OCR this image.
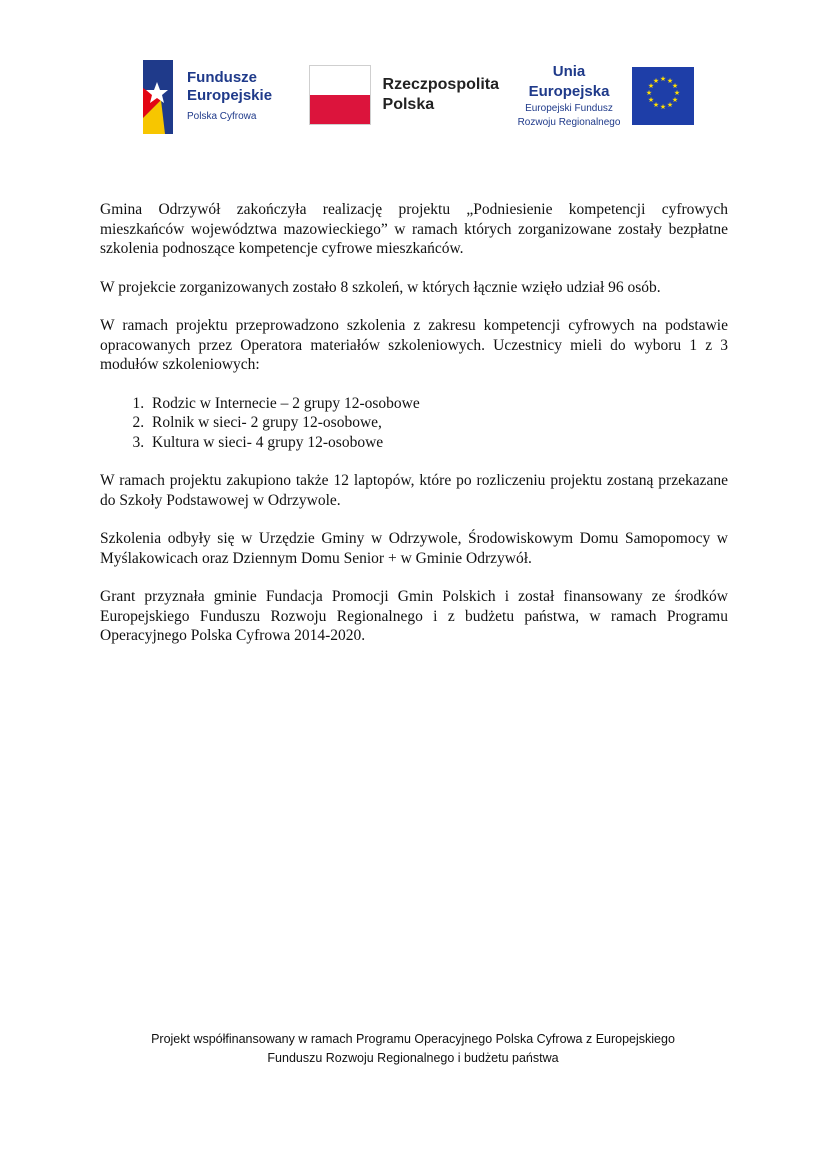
Fundusze
Europejskie
Polska Cyfrowa
Rzeczpospolita
Polska
Unia Europejska
Europejski Fundusz
Rozwoju Regionalnego
★ ★
★
★
★
★
★
★
★
★
★
★

Gmina Odrzywół zakończyła realizację projektu „Podniesienie kompetencji cyfrowych mieszkańców województwa mazowieckiego” w ramach których zorganizowane zostały bezpłatne szkolenia podnoszące kompetencje cyfrowe mieszkańców.

W projekcie zorganizowanych zostało 8 szkoleń, w których łącznie wzięło udział 96 osób.

W ramach projektu przeprowadzono szkolenia z zakresu kompetencji cyfrowych na podstawie opracowanych przez Operatora materiałów szkoleniowych. Uczestnicy mieli do wyboru 1 z 3 modułów szkoleniowych:

1. Rodzic w Internecie – 2 grupy 12-osobowe
2. Rolnik w sieci- 2 grupy 12-osobowe,
3. Kultura w sieci- 4 grupy 12-osobowe

W ramach projektu zakupiono także 12 laptopów, które po rozliczeniu projektu zostaną przekazane do Szkoły Podstawowej w Odrzywole.

Szkolenia odbyły się w Urzędzie Gminy w Odrzywole, Środowiskowym Domu Samopomocy w Myślakowicach oraz Dziennym Domu Senior + w Gminie Odrzywół.

Grant przyznała gminie Fundacja Promocji Gmin Polskich i został finansowany ze środków Europejskiego Funduszu Rozwoju Regionalnego i z budżetu państwa, w ramach Programu Operacyjnego Polska Cyfrowa 2014-2020.

Projekt współfinansowany w ramach Programu Operacyjnego Polska Cyfrowa z Europejskiego
Funduszu Rozwoju Regionalnego i budżetu państwa
